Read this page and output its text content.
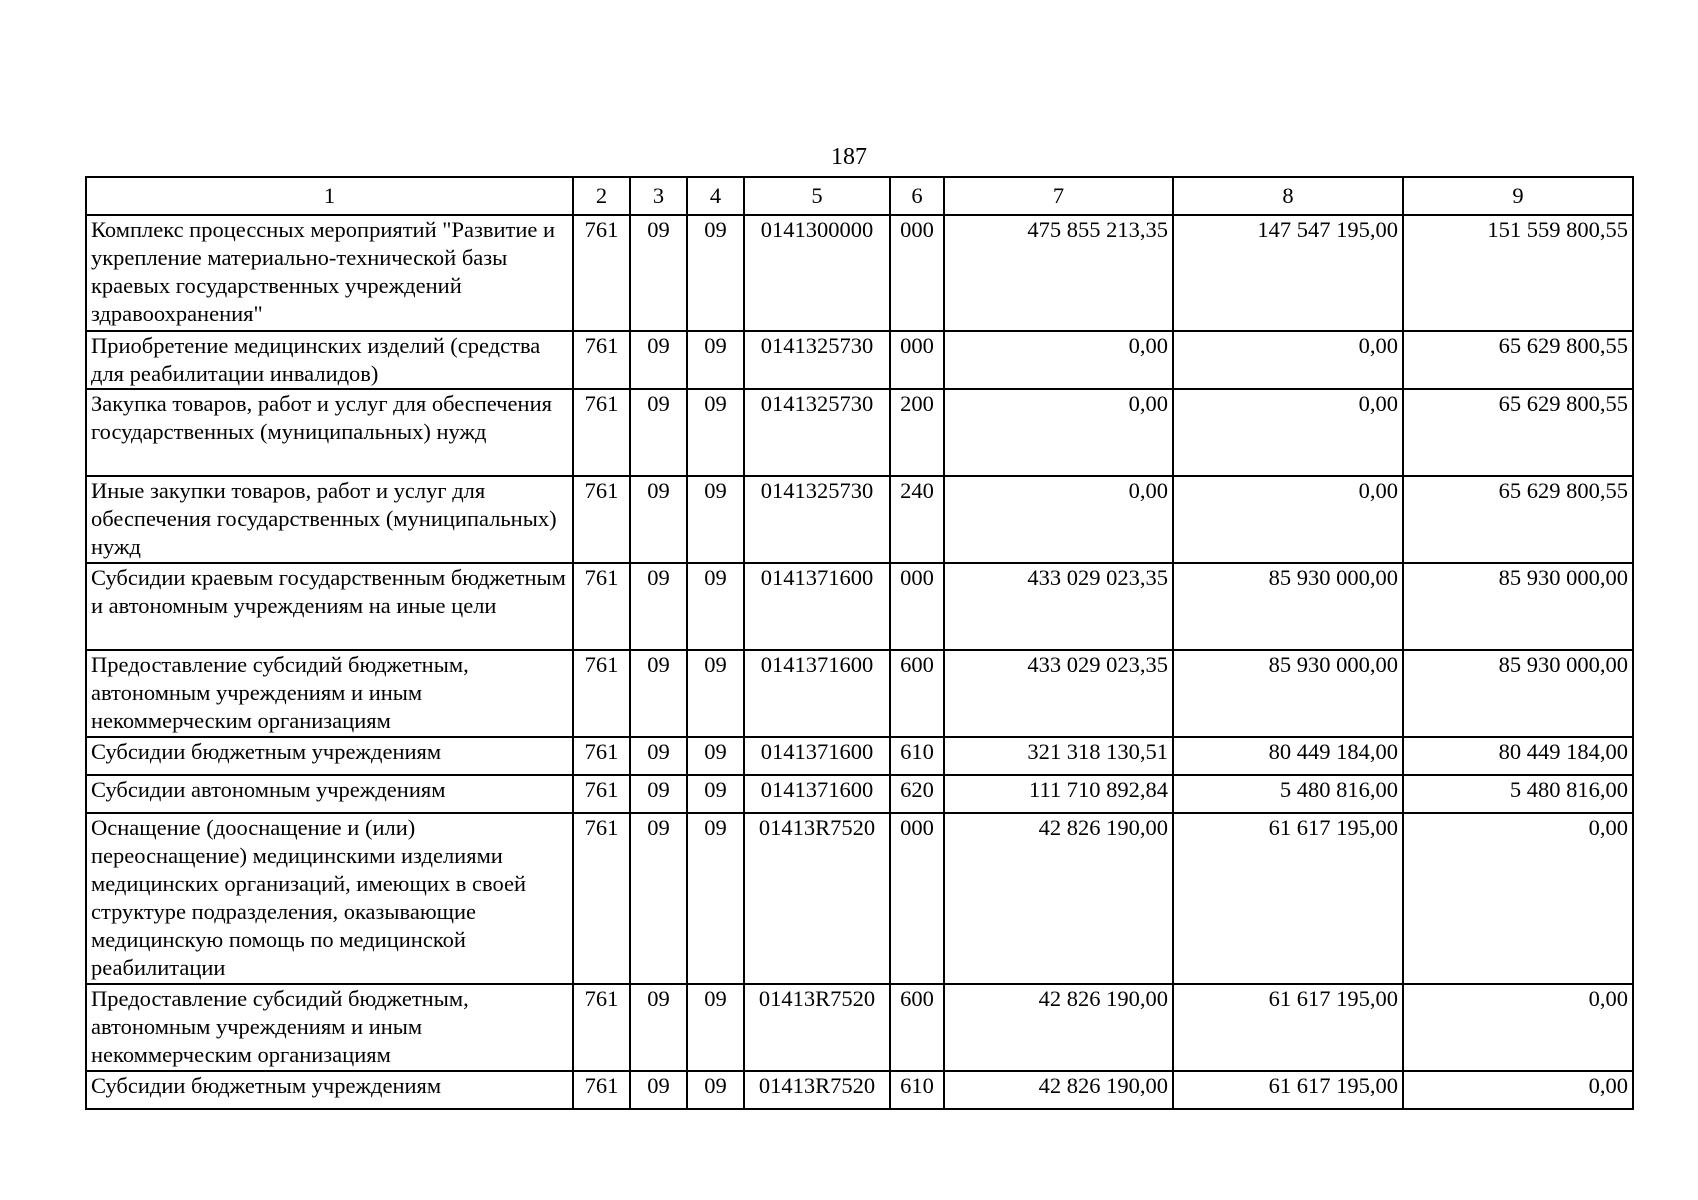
187
1	2	3	4	5	6	7	8	9
Комплекс процессных мероприятий "Развитие и укрепление материально-технической базы краевых государственных учреждений здравоохранения"	761	09	09	0141300000	000	475 855 213,35	147 547 195,00	151 559 800,55
Приобретение медицинских изделий (средства для реабилитации инвалидов)	761	09	09	0141325730	000	0,00	0,00	65 629 800,55
Закупка товаров, работ и услуг для обеспечения государственных (муниципальных) нужд	761	09	09	0141325730	200	0,00	0,00	65 629 800,55
Иные закупки товаров, работ и услуг для обеспечения государственных (муниципальных) нужд	761	09	09	0141325730	240	0,00	0,00	65 629 800,55
Субсидии краевым государственным бюджетным и автономным учреждениям на иные цели	761	09	09	0141371600	000	433 029 023,35	85 930 000,00	85 930 000,00
Предоставление субсидий бюджетным, автономным учреждениям и иным некоммерческим организациям	761	09	09	0141371600	600	433 029 023,35	85 930 000,00	85 930 000,00
Субсидии бюджетным учреждениям	761	09	09	0141371600	610	321 318 130,51	80 449 184,00	80 449 184,00
Субсидии автономным учреждениям	761	09	09	0141371600	620	111 710 892,84	5 480 816,00	5 480 816,00
Оснащение (дооснащение и (или) переоснащение) медицинскими изделиями медицинских организаций, имеющих в своей структуре подразделения, оказывающие медицинскую помощь по медицинской реабилитации	761	09	09	01413R7520	000	42 826 190,00	61 617 195,00	0,00
Предоставление субсидий бюджетным, автономным учреждениям и иным некоммерческим организациям	761	09	09	01413R7520	600	42 826 190,00	61 617 195,00	0,00
Субсидии бюджетным учреждениям	761	09	09	01413R7520	610	42 826 190,00	61 617 195,00	0,00
